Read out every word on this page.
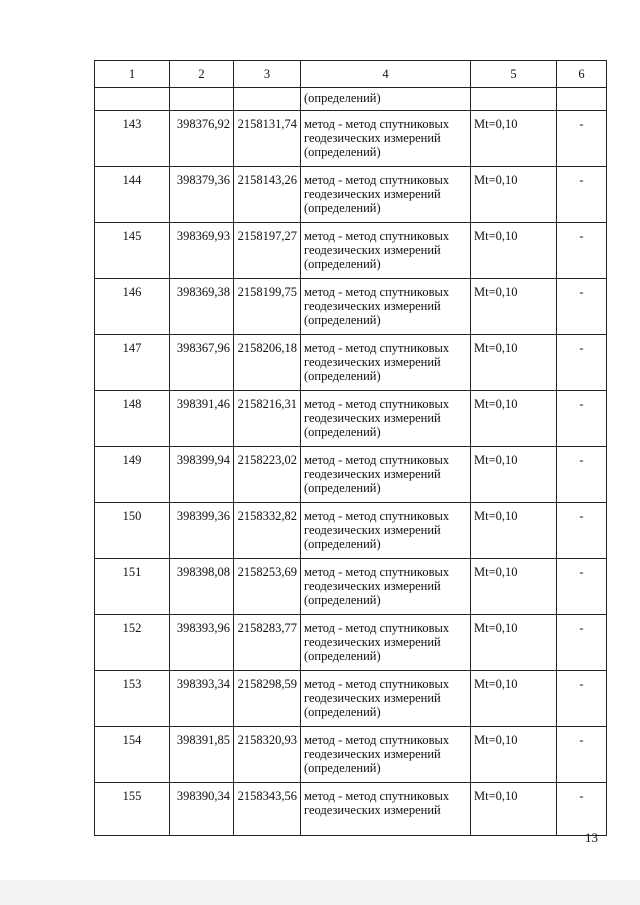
1	2	3	4	5	6
			(определений)		
143	398376,92	2158131,74	метод - метод спутниковых геодезических измерений (определений)	Mt=0,10	-
144	398379,36	2158143,26	метод - метод спутниковых геодезических измерений (определений)	Mt=0,10	-
145	398369,93	2158197,27	метод - метод спутниковых геодезических измерений (определений)	Mt=0,10	-
146	398369,38	2158199,75	метод - метод спутниковых геодезических измерений (определений)	Mt=0,10	-
147	398367,96	2158206,18	метод - метод спутниковых геодезических измерений (определений)	Mt=0,10	-
148	398391,46	2158216,31	метод - метод спутниковых геодезических измерений (определений)	Mt=0,10	-
149	398399,94	2158223,02	метод - метод спутниковых геодезических измерений (определений)	Mt=0,10	-
150	398399,36	2158332,82	метод - метод спутниковых геодезических измерений (определений)	Mt=0,10	-
151	398398,08	2158253,69	метод - метод спутниковых геодезических измерений (определений)	Mt=0,10	-
152	398393,96	2158283,77	метод - метод спутниковых геодезических измерений (определений)	Mt=0,10	-
153	398393,34	2158298,59	метод - метод спутниковых геодезических измерений (определений)	Mt=0,10	-
154	398391,85	2158320,93	метод - метод спутниковых геодезических измерений (определений)	Mt=0,10	-
155	398390,34	2158343,56	метод - метод спутниковых геодезических измерений	Mt=0,10	-
13
